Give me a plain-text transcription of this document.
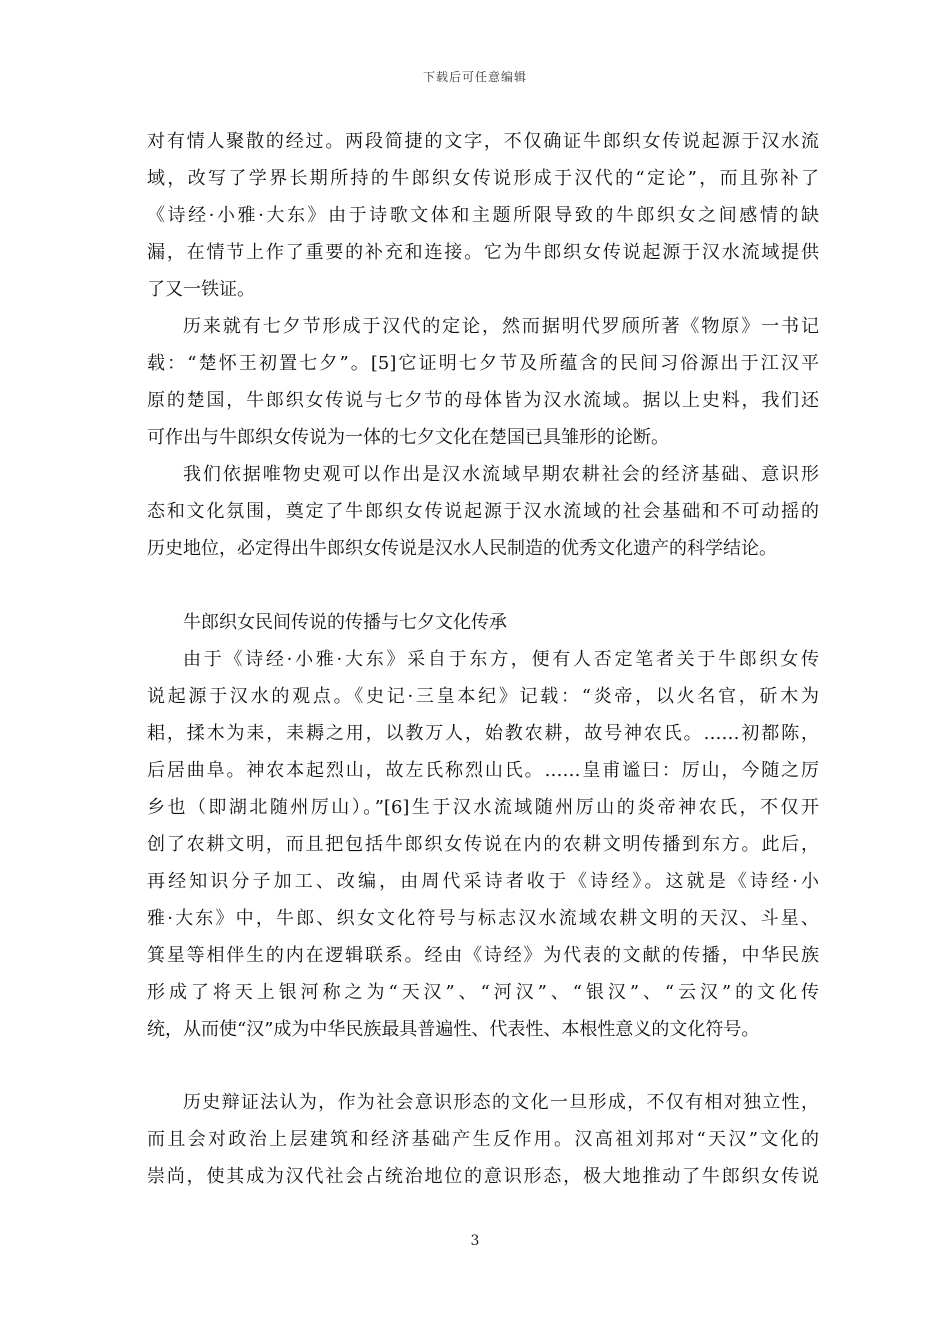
下载后可任意编辑
对有情人聚散的经过。两段简捷的文字，不仅确证牛郎织女传说起源于汉水流
域，改写了学界长期所持的牛郎织女传说形成于汉代的“定论”，而且弥补了
《诗经·小雅·大东》由于诗歌文体和主题所限导致的牛郎织女之间感情的缺
漏，在情节上作了重要的补充和连接。它为牛郎织女传说起源于汉水流域提供
了又一铁证。
历来就有七夕节形成于汉代的定论，然而据明代罗颀所著《物原》一书记
载：“楚怀王初置七夕”。[5]它证明七夕节及所蕴含的民间习俗源出于江汉平
原的楚国，牛郎织女传说与七夕节的母体皆为汉水流域。据以上史料，我们还
可作出与牛郎织女传说为一体的七夕文化在楚国已具雏形的论断。
我们依据唯物史观可以作出是汉水流域早期农耕社会的经济基础、意识形
态和文化氛围，奠定了牛郎织女传说起源于汉水流域的社会基础和不可动摇的
历史地位，必定得出牛郎织女传说是汉水人民制造的优秀文化遗产的科学结论。
牛郎织女民间传说的传播与七夕文化传承
由于《诗经·小雅·大东》采自于东方，便有人否定笔者关于牛郎织女传
说起源于汉水的观点。《史记·三皇本纪》记载：“炎帝，以火名官，斫木为
耜，揉木为耒，耒耨之用，以教万人，始教农耕，故号神农氏。……初都陈，
后居曲阜。神农本起烈山，故左氏称烈山氏。……皇甫谧曰：厉山，今随之厉
乡也（即湖北随州厉山）。”[6]生于汉水流域随州厉山的炎帝神农氏，不仅开
创了农耕文明，而且把包括牛郎织女传说在内的农耕文明传播到东方。此后，
再经知识分子加工、改编，由周代采诗者收于《诗经》。这就是《诗经·小
雅·大东》中，牛郎、织女文化符号与标志汉水流域农耕文明的天汉、斗星、
箕星等相伴生的内在逻辑联系。经由《诗经》为代表的文献的传播，中华民族
形成了将天上银河称之为“天汉”、“河汉”、“银汉”、“云汉”的文化传
统，从而使“汉”成为中华民族最具普遍性、代表性、本根性意义的文化符号。
历史辩证法认为，作为社会意识形态的文化一旦形成，不仅有相对独立性，
而且会对政治上层建筑和经济基础产生反作用。汉高祖刘邦对“天汉”文化的
崇尚，使其成为汉代社会占统治地位的意识形态，极大地推动了牛郎织女传说
3
